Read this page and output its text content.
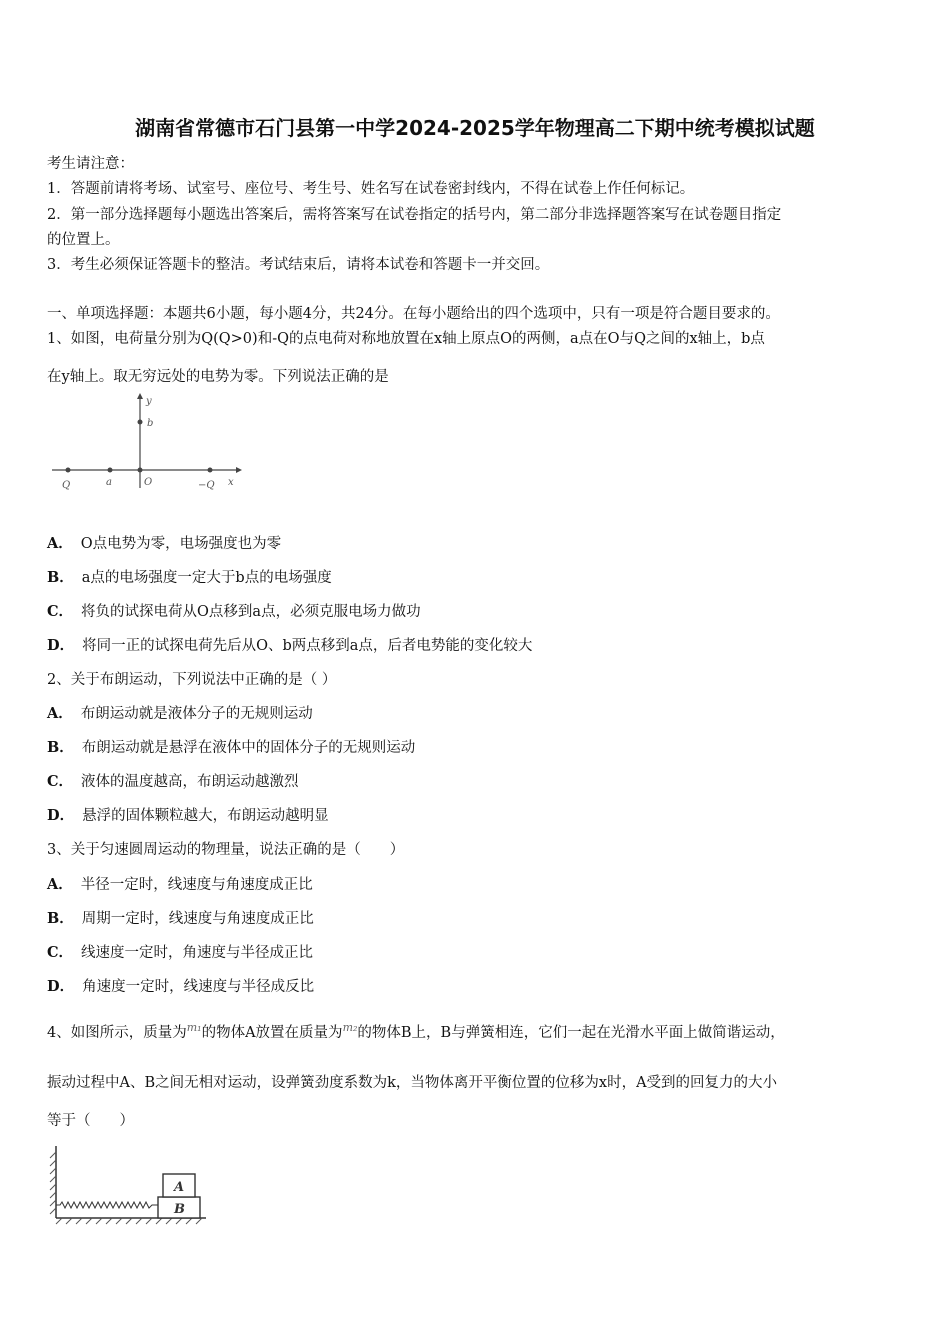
湖南省常德市石门县第一中学2024-2025学年物理高二下期中统考模拟试题
考生请注意：
1．答题前请将考场、试室号、座位号、考生号、姓名写在试卷密封线内，不得在试卷上作任何标记。
2．第一部分选择题每小题选出答案后，需将答案写在试卷指定的括号内，第二部分非选择题答案写在试卷题目指定
的位置上。
3．考生必须保证答题卡的整洁。考试结束后，请将本试卷和答题卡一并交回。
一、单项选择题：本题共6小题，每小题4分，共24分。在每小题给出的四个选项中，只有一项是符合题目要求的。
1、如图，电荷量分别为Q(Q>0)和-Q的点电荷对称地放置在x轴上原点O的两侧，a点在O与Q之间的x轴上，b点
在y轴上。取无穷远处的电势为零。下列说法正确的是
y
b
Q	a	O	−Q x
A． O点电势为零，电场强度也为零
B． a点的电场强度一定大于b点的电场强度
C． 将负的试探电荷从O点移到a点，必须克服电场力做功
D． 将同一正的试探电荷先后从O、b两点移到a点，后者电势能的变化较大
2、关于布朗运动，下列说法中正确的是（ ）
A． 布朗运动就是液体分子的无规则运动
B． 布朗运动就是悬浮在液体中的固体分子的无规则运动
C． 液体的温度越高，布朗运动越激烈
D． 悬浮的固体颗粒越大，布朗运动越明显
3、关于匀速圆周运动的物理量，说法正确的是（　　）
A． 半径一定时，线速度与角速度成正比
B． 周期一定时，线速度与角速度成正比
C． 线速度一定时，角速度与半径成正比
D． 角速度一定时，线速度与半径成反比
4、如图所示，质量为$^{m_1}$的物体A放置在质量为$^{m_2}$的物体B上，B与弹簧相连，它们一起在光滑水平面上做简谐运动，
振动过程中A、B之间无相对运动，设弹簧劲度系数为k，当物体离开平衡位置的位移为x时，A受到的回复力的大小
等于（　　）
A
B
